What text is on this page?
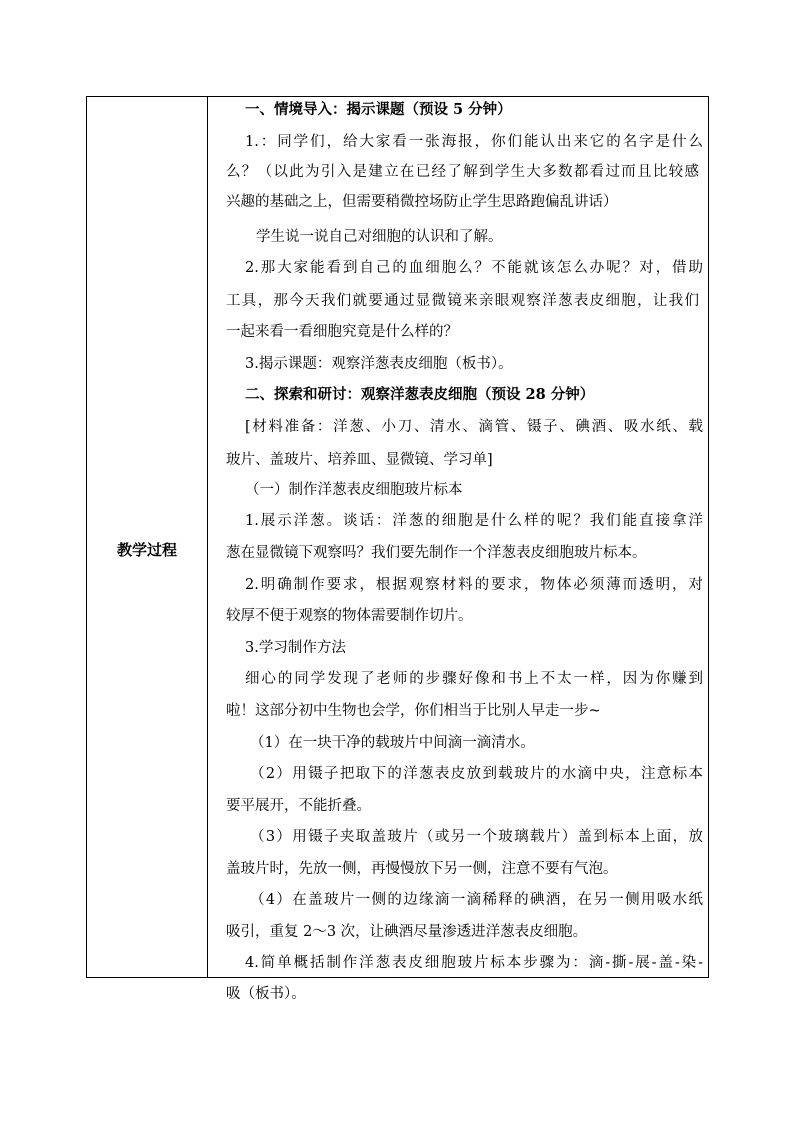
教学过程
一、情境导入：揭示课题（预设 5 分钟）
1.：同学们，给大家看一张海报，你们能认出来它的名字是什么
么？（以此为引入是建立在已经了解到学生大多数都看过而且比较感
兴趣的基础之上，但需要稍微控场防止学生思路跑偏乱讲话）
学生说一说自己对细胞的认识和了解。
2.那大家能看到自己的血细胞么？不能就该怎么办呢？对，借助
工具，那今天我们就要通过显微镜来亲眼观察洋葱表皮细胞，让我们
一起来看一看细胞究竟是什么样的？
3.揭示课题：观察洋葱表皮细胞（板书）。
二、探索和研讨：观察洋葱表皮细胞（预设 28 分钟）
[材料准备：洋葱、小刀、清水、滴管、镊子、碘酒、吸水纸、载
玻片、盖玻片、培养皿、显微镜、学习单]
（一）制作洋葱表皮细胞玻片标本
1.展示洋葱。谈话：洋葱的细胞是什么样的呢？我们能直接拿洋
葱在显微镜下观察吗？我们要先制作一个洋葱表皮细胞玻片标本。
2.明确制作要求，根据观察材料的要求，物体必须薄而透明，对
较厚不便于观察的物体需要制作切片。
3.学习制作方法
细心的同学发现了老师的步骤好像和书上不太一样，因为你赚到
啦！这部分初中生物也会学，你们相当于比别人早走一步~
（1）在一块干净的载玻片中间滴一滴清水。
（2）用镊子把取下的洋葱表皮放到载玻片的水滴中央，注意标本
要平展开，不能折叠。
（3）用镊子夹取盖玻片（或另一个玻璃载片）盖到标本上面，放
盖玻片时，先放一侧，再慢慢放下另一侧，注意不要有气泡。
（4）在盖玻片一侧的边缘滴一滴稀释的碘酒，在另一侧用吸水纸
吸引，重复 2～3 次，让碘酒尽量渗透进洋葱表皮细胞。
4.简单概括制作洋葱表皮细胞玻片标本步骤为：滴-撕-展-盖-染-
吸（板书）。
